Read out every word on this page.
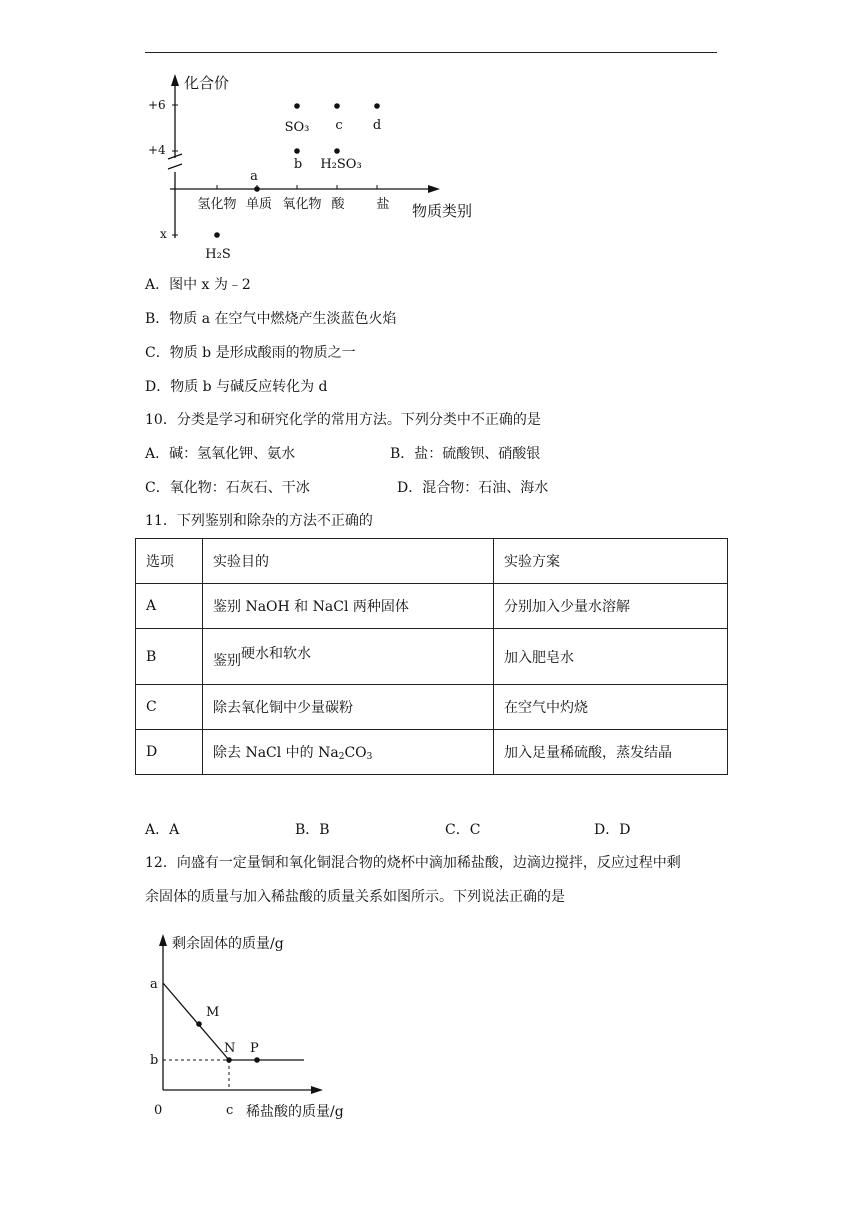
+6
+4
x
化合价
氢化物 单质 氧化物 酸 盐 物质类别
SO₃ c d
b H₂SO₃
a
H₂S
A．图中 x 为﹣2
B．物质 a 在空气中燃烧产生淡蓝色火焰
C．物质 b 是形成酸雨的物质之一
D．物质 b 与碱反应转化为 d
10．分类是学习和研究化学的常用方法。下列分类中不正确的是
A．碱：氢氧化钾、氨水	B．盐：硫酸钡、硝酸银
C．氧化物：石灰石、干冰	D．混合物：石油、海水
11．下列鉴别和除杂的方法不正确的
选项	实验目的	实验方案
A	鉴别 NaOH 和 NaCl 两种固体	分别加入少量水溶解
B	鉴别硬水和软水	加入肥皂水
C	除去氧化铜中少量碳粉	在空气中灼烧
D	除去 NaCl 中的 $Na_2CO_3$	加入足量稀硫酸，蒸发结晶
A．A	B．B	C．C	D．D
12．向盛有一定量铜和氧化铜混合物的烧杯中滴加稀盐酸，边滴边搅拌，反应过程中剩
余固体的质量与加入稀盐酸的质量关系如图所示。下列说法正确的是
剩余固体的质量/g
稀盐酸的质量/g
0
a
b
c
M
N P
